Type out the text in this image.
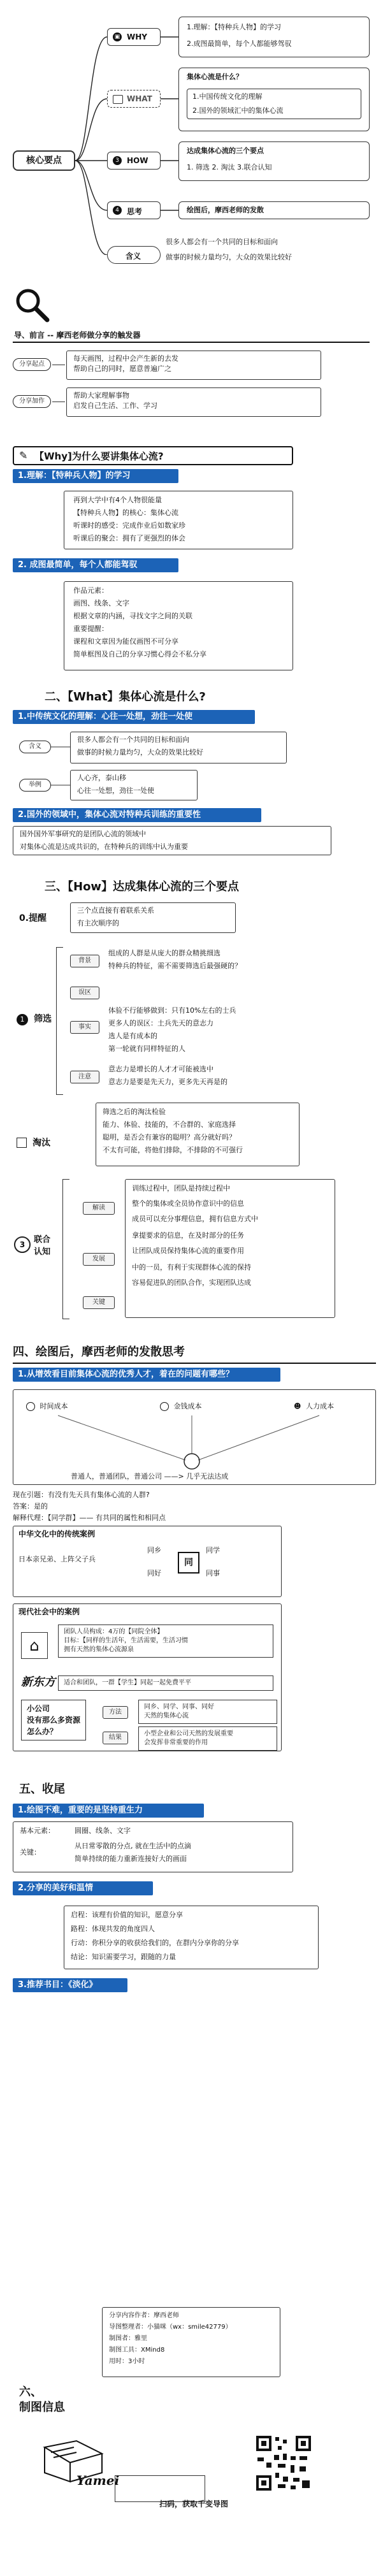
核心要点
▣ WHY
1.理解：【特种兵人物】的学习
2.成图最简单，每个人都能够驾驭
WHAT
集体心流是什么？
1.中国传统文化的理解
2.国外的领域汇中的集体心流
3	HOW
达成集体心流的三个要点
1. 筛选 2. 淘汰 3.联合认知
4	思考	绘图后，摩西老师的发散
含义
很多人都会有一个共同的目标和面向
做事的时候力量均匀，大众的效果比较好
导、前言 -- 摩西老师做分享的触发器
分享起点
每天画图，过程中会产生新的去发
帮助自己的同时，愿意普遍广之
分享加作
帮助大家理解事物
启发自己生活、工作、学习
✎ 【Why]为什么要讲集体心流?
1.理解：【特种兵人物】的学习
再到大学中有4个人物很能量
【特种兵人物】的核心：集体心流
听课时的感受：完成作业后如数家珍
听课后的聚会：拥有了更强烈的体会
2. 成图最简单，每个人都能驾驭
作品元素：
画图、线条、文字
根据文章的内涵，寻找文字之间的关联
重要提醒：
课程和文章因为能仅画图不可分享
简单框图及自己的分享习惯心得会不私分享
二、【What】集体心流是什么?
1.中传统文化的理解：心往一处想，劲往一处使
含义
很多人都会有一个共同的目标和面向
做事的时候力量均匀，大众的效果比较好
举例
人心齐，泰山移
心往一处想，劲往一处使
2.国外的领域中，集体心流对特种兵训练的重要性
国外国外军事研究的是团队心流的领域中
对集体心流是达成共识的，在特种兵的训练中认为重要
三、【How】达成集体心流的三个要点
0.提醒
三个点直接有着联系关系
有主次顺序的
1 筛选
背景
组成的人群是从庞大的群众精挑细选
特种兵的特征，需不需要筛选后最强硬的？
误区
事实
体验不行能够做到：只有10%左右的士兵
更多人的误区：土兵先天的意志力
选人是有成本的
第一轮就有同样特征的人
注意
意志力是增长的人才才可能被选中
意志力是要是先天力，更多先天再是的
淘汰
筛选之后的淘汰检验
能力、体验、技能的，不合群的、家庭选择
聪明，是否会有兼容的聪明？高分就好吗？
不太有可能，将他们排除，不排除的不可强行
3 联合认知
解读
发展
关键
训练过程中，团队是持续过程中
整个的集体或全员协作意识中的信息
成员可以充分事理信息，拥有信息方式中
拿提要求的信息，在及时部分的任务
让团队成员保持集体心流的重要作用
中的一员，有利于实现群体心流的保持
容易促进队的团队合作，实现团队达成
四、绘图后，摩西老师的发散思考
1.从增效看目前集体心流的优秀人才，着在的问题有哪些？
时间成本	金钱成本	☻ 人力成本
普通人，普通团队，普通公司 ——> 几乎无法达成
现在引题：有没有先天具有集体心流的人群?
答案：是的
解释代理：【同学群】—— 有共同的属性和相同点
中华文化中的传统案例
日本亲兄弟、上阵父子兵	同
同乡	同学
同好	同事
现代社会中的案例
⌂
团队人员构成：4万的【同院全体】
目标：【同样的生活年，生活需要，生活习惯
拥有天然的集体心流源泉
新东方 适合和团队，一群【学生】同起一起免费平平
小公司
没有那么多资源
怎么办？
方法
同乡、同学、同事、同好
天然的集体心流
结果
小型企业和公司天然的发展重要
会发挥非常重要的作用
五、收尾
1.绘图不难，重要的是坚持重生力
基本元素：	圆圈、线条、文字
关键：
从日常零散的分点, 就在生活中的点滴
简单持续的能力重新连接好大的画面
2.分享的美好和温情
启程：该理有价值的知识，愿意分享
路程：体现共发的角度四人
行动：你积分享的收获给我们的，在群内分享你的分享
结论：知识需要学习，跟随的力量
3.推荐书目：《淡化》
分享内容作者：摩西老师
导图整理者：小猫咪（wx：smile42779）
制图者：雅里
制图工具：XMind8
用时：3小时
六、
制图信息
Yamei
扫码，获取千变导图
